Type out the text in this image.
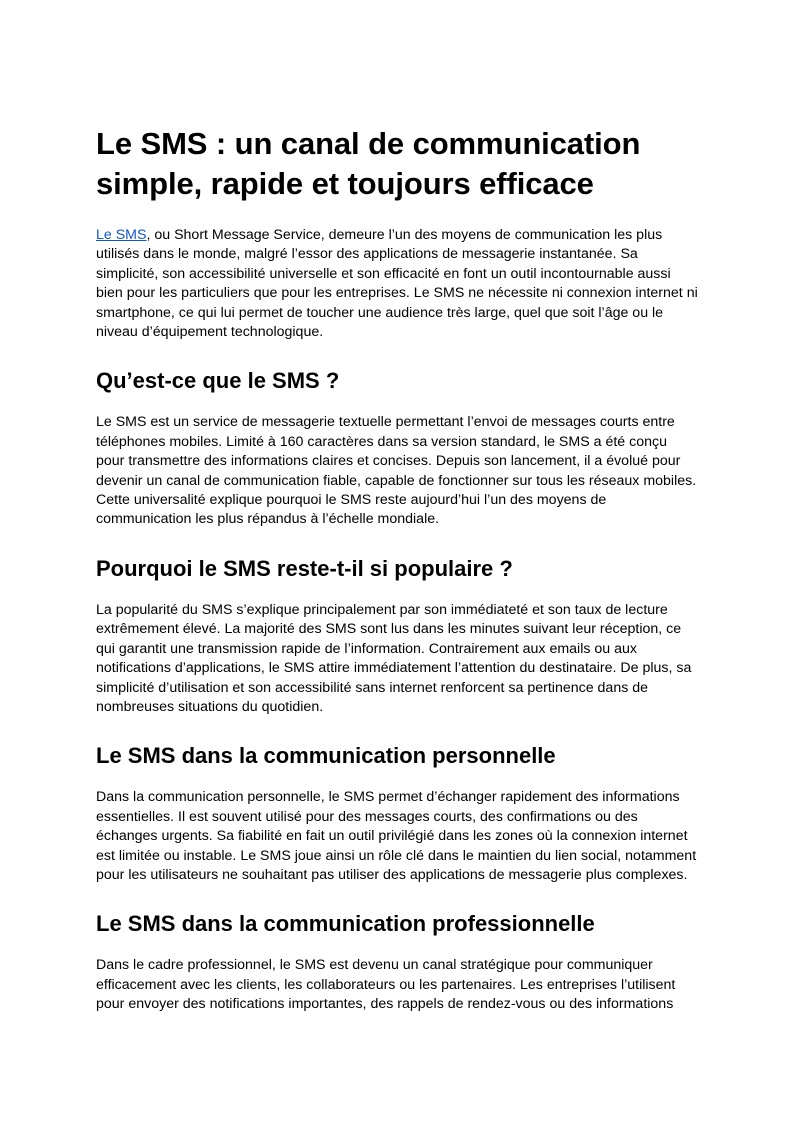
Le SMS : un canal de communication simple, rapide et toujours efficace

Le SMS, ou Short Message Service, demeure l’un des moyens de communication les plus utilisés dans le monde, malgré l’essor des applications de messagerie instantanée. Sa simplicité, son accessibilité universelle et son efficacité en font un outil incontournable aussi bien pour les particuliers que pour les entreprises. Le SMS ne nécessite ni connexion internet ni smartphone, ce qui lui permet de toucher une audience très large, quel que soit l’âge ou le niveau d’équipement technologique.

Qu’est-ce que le SMS ?

Le SMS est un service de messagerie textuelle permettant l’envoi de messages courts entre téléphones mobiles. Limité à 160 caractères dans sa version standard, le SMS a été conçu pour transmettre des informations claires et concises. Depuis son lancement, il a évolué pour devenir un canal de communication fiable, capable de fonctionner sur tous les réseaux mobiles. Cette universalité explique pourquoi le SMS reste aujourd’hui l’un des moyens de communication les plus répandus à l’échelle mondiale.

Pourquoi le SMS reste-t-il si populaire ?

La popularité du SMS s’explique principalement par son immédiateté et son taux de lecture extrêmement élevé. La majorité des SMS sont lus dans les minutes suivant leur réception, ce qui garantit une transmission rapide de l’information. Contrairement aux emails ou aux notifications d’applications, le SMS attire immédiatement l’attention du destinataire. De plus, sa simplicité d’utilisation et son accessibilité sans internet renforcent sa pertinence dans de nombreuses situations du quotidien.

Le SMS dans la communication personnelle

Dans la communication personnelle, le SMS permet d’échanger rapidement des informations essentielles. Il est souvent utilisé pour des messages courts, des confirmations ou des échanges urgents. Sa fiabilité en fait un outil privilégié dans les zones où la connexion internet est limitée ou instable. Le SMS joue ainsi un rôle clé dans le maintien du lien social, notamment pour les utilisateurs ne souhaitant pas utiliser des applications de messagerie plus complexes.

Le SMS dans la communication professionnelle

Dans le cadre professionnel, le SMS est devenu un canal stratégique pour communiquer efficacement avec les clients, les collaborateurs ou les partenaires. Les entreprises l’utilisent pour envoyer des notifications importantes, des rappels de rendez-vous ou des informations
